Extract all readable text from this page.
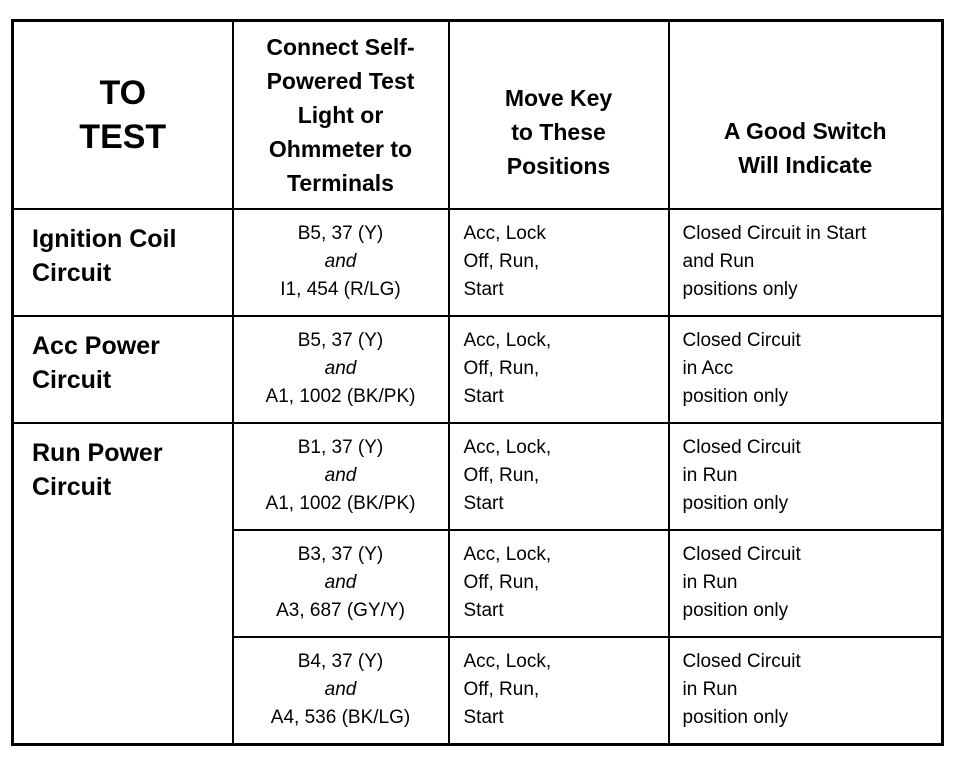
TO
TEST	Connect Self-
Powered Test
Light or
Ohmmeter to
Terminals	Move Key
to These
Positions	A Good Switch
Will Indicate

Ignition Coil
Circuit	B5, 37 (Y)
and
I1, 454 (R/LG)	Acc, Lock
Off, Run,
Start	Closed Circuit in Start
and Run
positions only

Acc Power
Circuit	B5, 37 (Y)
and
A1, 1002 (BK/PK)	Acc, Lock,
Off, Run,
Start	Closed Circuit
in Acc
position only

Run Power
Circuit	B1, 37 (Y)
and
A1, 1002 (BK/PK)	Acc, Lock,
Off, Run,
Start	Closed Circuit
in Run
position only

	B3, 37 (Y)
and
A3, 687 (GY/Y)	Acc, Lock,
Off, Run,
Start	Closed Circuit
in Run
position only

	B4, 37 (Y)
and
A4, 536 (BK/LG)	Acc, Lock,
Off, Run,
Start	Closed Circuit
in Run
position only
